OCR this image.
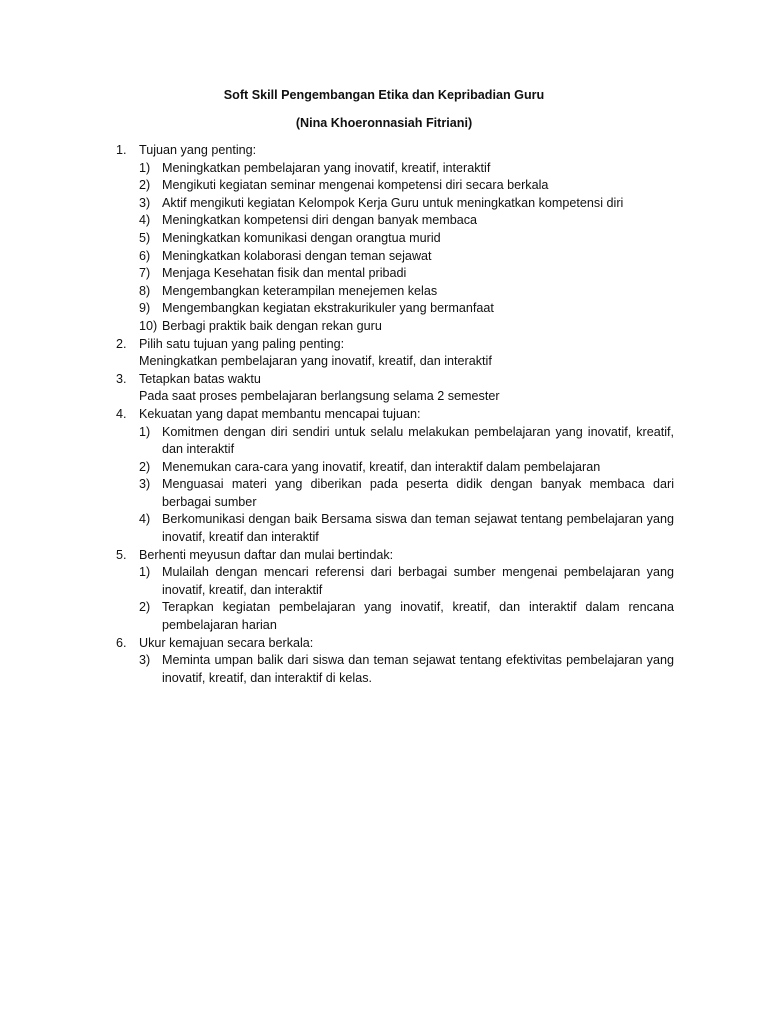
Soft Skill Pengembangan Etika dan Kepribadian Guru
(Nina Khoeronnasiah Fitriani)
1. Tujuan yang penting:
1) Meningkatkan pembelajaran yang inovatif, kreatif, interaktif
2) Mengikuti kegiatan seminar mengenai kompetensi diri secara berkala
3) Aktif mengikuti kegiatan Kelompok Kerja Guru untuk meningkatkan kompetensi diri
4) Meningkatkan kompetensi diri dengan banyak membaca
5) Meningkatkan komunikasi dengan orangtua murid
6) Meningkatkan kolaborasi dengan teman sejawat
7) Menjaga Kesehatan fisik dan mental pribadi
8) Mengembangkan keterampilan menejemen kelas
9) Mengembangkan kegiatan ekstrakurikuler yang bermanfaat
10) Berbagi praktik baik dengan rekan guru
2. Pilih satu tujuan yang paling penting:
Meningkatkan pembelajaran yang inovatif, kreatif, dan interaktif
3. Tetapkan batas waktu
Pada saat proses pembelajaran berlangsung selama 2 semester
4. Kekuatan yang dapat membantu mencapai tujuan:
1) Komitmen dengan diri sendiri untuk selalu melakukan pembelajaran yang inovatif, kreatif, dan interaktif
2) Menemukan cara-cara yang inovatif, kreatif, dan interaktif dalam pembelajaran
3) Menguasai materi yang diberikan pada peserta didik dengan banyak membaca dari berbagai sumber
4) Berkomunikasi dengan baik Bersama siswa dan teman sejawat tentang pembelajaran yang inovatif, kreatif dan interaktif
5. Berhenti meyusun daftar dan mulai bertindak:
1) Mulailah dengan mencari referensi dari berbagai sumber mengenai pembelajaran yang inovatif, kreatif, dan interaktif
2) Terapkan kegiatan pembelajaran yang inovatif, kreatif, dan interaktif dalam rencana pembelajaran harian
6. Ukur kemajuan secara berkala:
3) Meminta umpan balik dari siswa dan teman sejawat tentang efektivitas pembelajaran yang inovatif, kreatif, dan interaktif di kelas.
